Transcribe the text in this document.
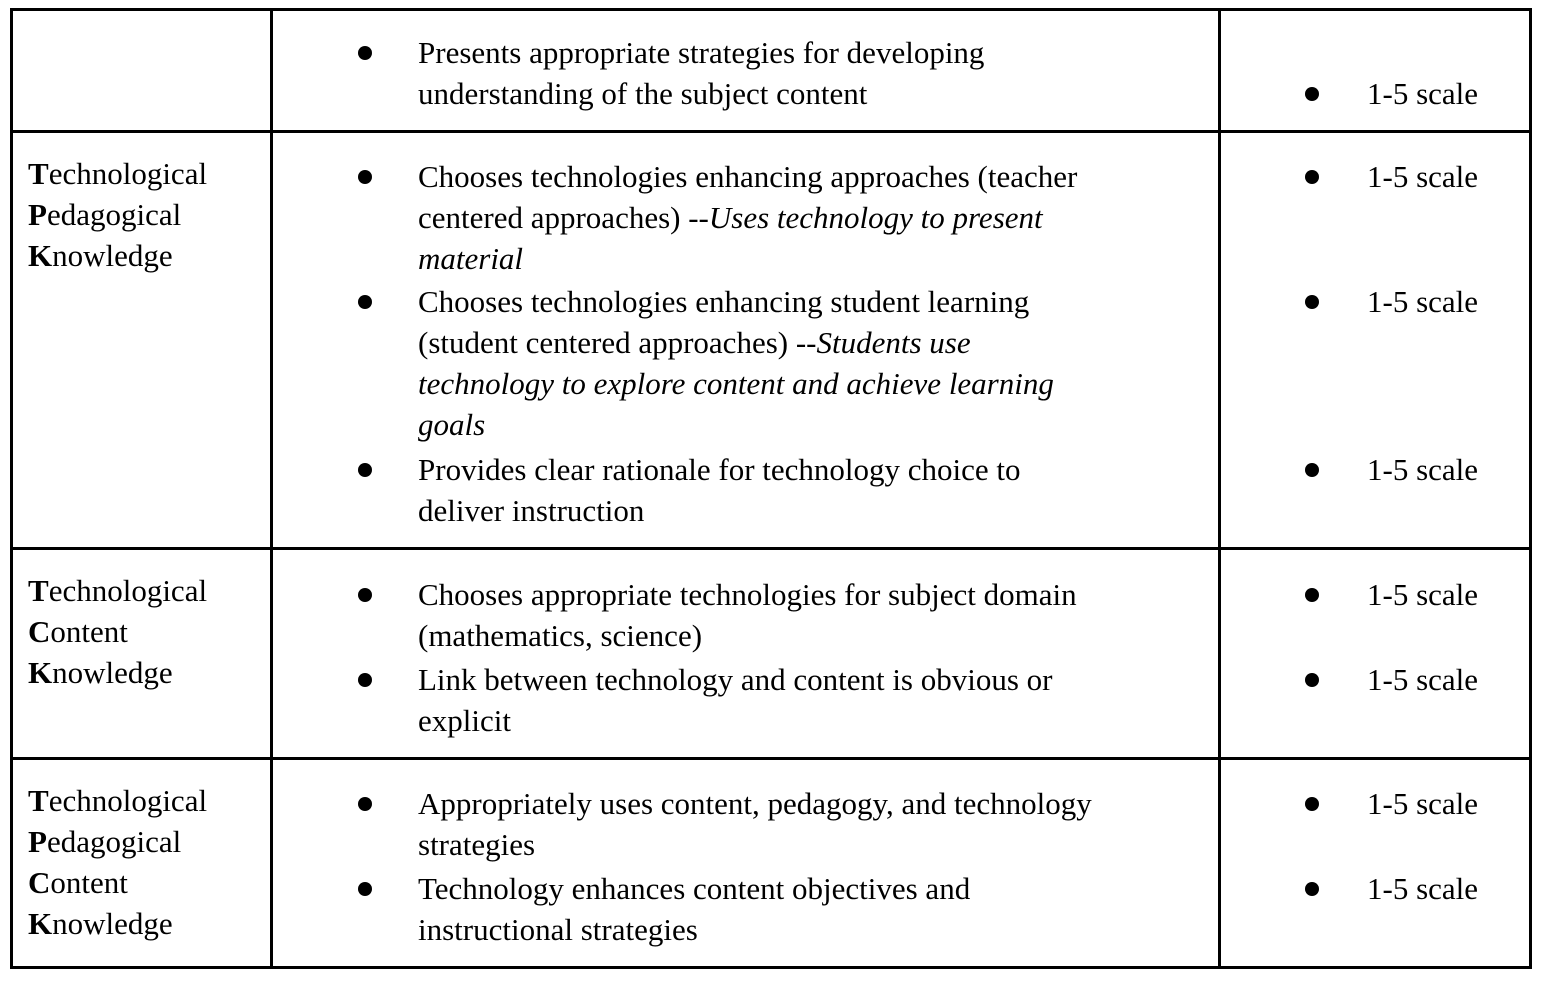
Presents appropriate strategies for developing
understanding of the subject content	1-5 scale
Technological
Pedagogical
Knowledge
Chooses technologies enhancing approaches (teacher
centered approaches) --Uses technology to present
material
Chooses technologies enhancing student learning
(student centered approaches) --Students use
technology to explore content and achieve learning
goals
Provides clear rationale for technology choice to
deliver instruction
1-5 scale
1-5 scale
1-5 scale
Technological
Content
Knowledge
Chooses appropriate technologies for subject domain
(mathematics, science)
Link between technology and content is obvious or
explicit
1-5 scale
1-5 scale
Technological
Pedagogical
Content
Knowledge
Appropriately uses content, pedagogy, and technology
strategies
Technology enhances content objectives and
instructional strategies
1-5 scale
1-5 scale
